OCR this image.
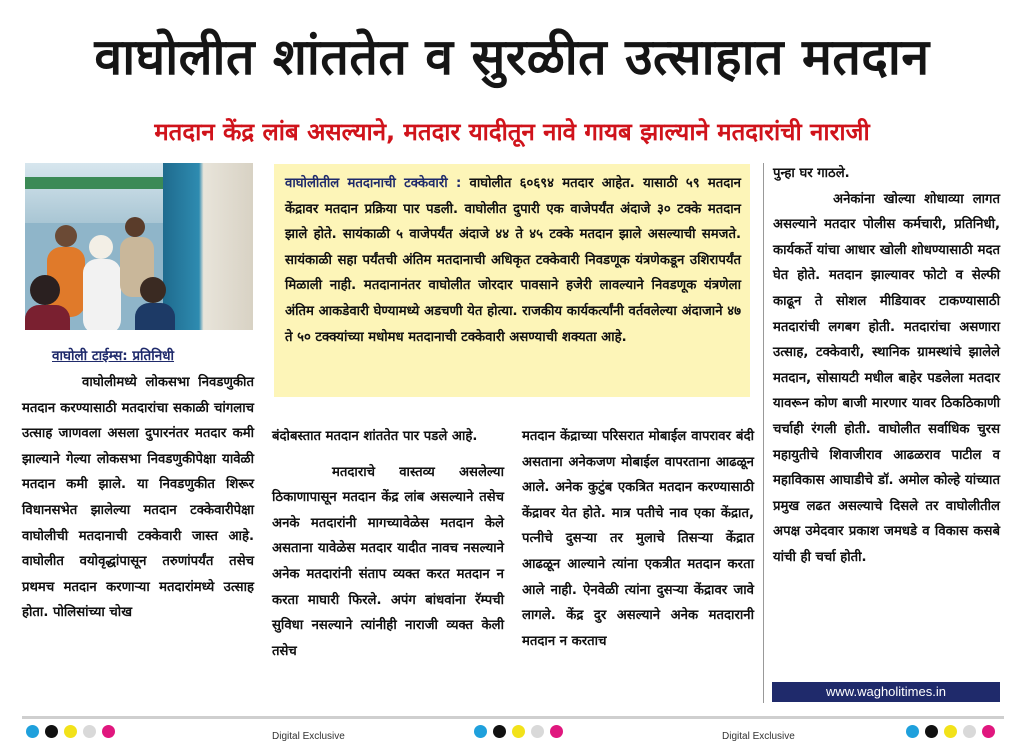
वाघोलीत शांततेत व सुरळीत उत्साहात मतदान
मतदान केंद्र लांब असल्याने, मतदार यादीतून नावे गायब झाल्याने मतदारांची नाराजी
वाघोली टाईम्स: प्रतिनिधी

वाघोलीमध्ये लोकसभा निवडणुकीत मतदान करण्यासाठी मतदारांचा सकाळी चांगलाच उत्साह जाणवला असला दुपारनंतर मतदार कमी झाल्याने गेल्या लोकसभा निवडणुकीपेक्षा यावेळी मतदान कमी झाले. या निवडणुकीत शिरूर विधानसभेत झालेल्या मतदान टक्केवारीपेक्षा वाघोलीची मतदानाची टक्केवारी जास्त आहे. वाघोलीत वयोवृद्धांपासून तरुणांपर्यंत तसेच प्रथमच मतदान करणाऱ्या मतदारांमध्ये उत्साह होता. पोलिसांच्या चोख

वाघोलीतील मतदानाची टक्केवारी : वाघोलीत ६०६९४ मतदार आहेत. यासाठी ५९ मतदान केंद्रावर मतदान प्रक्रिया पार पडली. वाघोलीत दुपारी एक वाजेपर्यंत अंदाजे ३० टक्के मतदान झाले होते. सायंकाळी ५ वाजेपर्यंत अंदाजे ४४ ते ४५ टक्के मतदान झाले असल्याची समजते. सायंकाळी सहा पर्यंतची अंतिम मतदानाची अधिकृत टक्केवारी निवडणूक यंत्रणेकडून उशिरापर्यंत मिळाली नाही. मतदानानंतर वाघोलीत जोरदार पावसाने हजेरी लावल्याने निवडणूक यंत्रणेला अंतिम आकडेवारी घेण्यामध्ये अडचणी येत होत्या. राजकीय कार्यकर्त्यांनी वर्तवलेल्या अंदाजाने ४७ ते ५० टक्क्यांच्या मधोमध मतदानाची टक्केवारी असण्याची शक्यता आहे.

बंदोबस्तात मतदान शांततेत पार पडले आहे.

मतदाराचे वास्तव्य असलेल्या ठिकाणापासून मतदान केंद्र लांब असल्याने तसेच अनके मतदारांनी मागच्यावेळेस मतदान केले असताना यावेळेस मतदार यादीत नावच नसल्याने अनेक मतदारांनी संताप व्यक्त करत मतदान न करता माघारी फिरले. अपंग बांधवांना रॅम्पची सुविधा नसल्याने त्यांनीही नाराजी व्यक्त केली तसेच

मतदान केंद्राच्या परिसरात मोबाईल वापरावर बंदी असताना अनेकजण मोबाईल वापरताना आढळून आले. अनेक कुटुंब एकत्रित मतदान करण्यासाठी केंद्रावर येत होते. मात्र पतीचे नाव एका केंद्रात, पत्नीचे दुसऱ्या तर मुलाचे तिसऱ्या केंद्रात आढळून आल्याने त्यांना एकत्रीत मतदान करता आले नाही. ऐनवेळी त्यांना दुसऱ्या केंद्रावर जावे लागले. केंद्र दुर असल्याने अनेक मतदारानी मतदान न करताच

पुन्हा घर गाठले.

अनेकांना खोल्या शोधाव्या लागत असल्याने मतदार पोलीस कर्मचारी, प्रतिनिधी, कार्यकर्ते यांचा आधार खोली शोधण्यासाठी मदत घेत होते. मतदान झाल्यावर फोटो व सेल्फी काढून ते सोशल मीडियावर टाकण्यासाठी मतदारांची लगबग होती. मतदारांचा असणारा उत्साह, टक्केवारी, स्थानिक ग्रामस्थांचे झालेले मतदान, सोसायटी मधील बाहेर पडलेला मतदार यावरून कोण बाजी मारणार यावर ठिकठिकाणी चर्चाही रंगली होती. वाघोलीत सर्वाधिक चुरस महायुतीचे शिवाजीराव आढळराव पाटील व महाविकास आघाडीचे डॉ. अमोल कोल्हे यांच्यात प्रमुख लढत असल्याचे दिसले तर वाघोलीतील अपक्ष उमेदवार प्रकाश जमधडे व विकास कसबे यांची ही चर्चा होती.

www.wagholitimes.in
Digital Exclusive	Digital Exclusive
